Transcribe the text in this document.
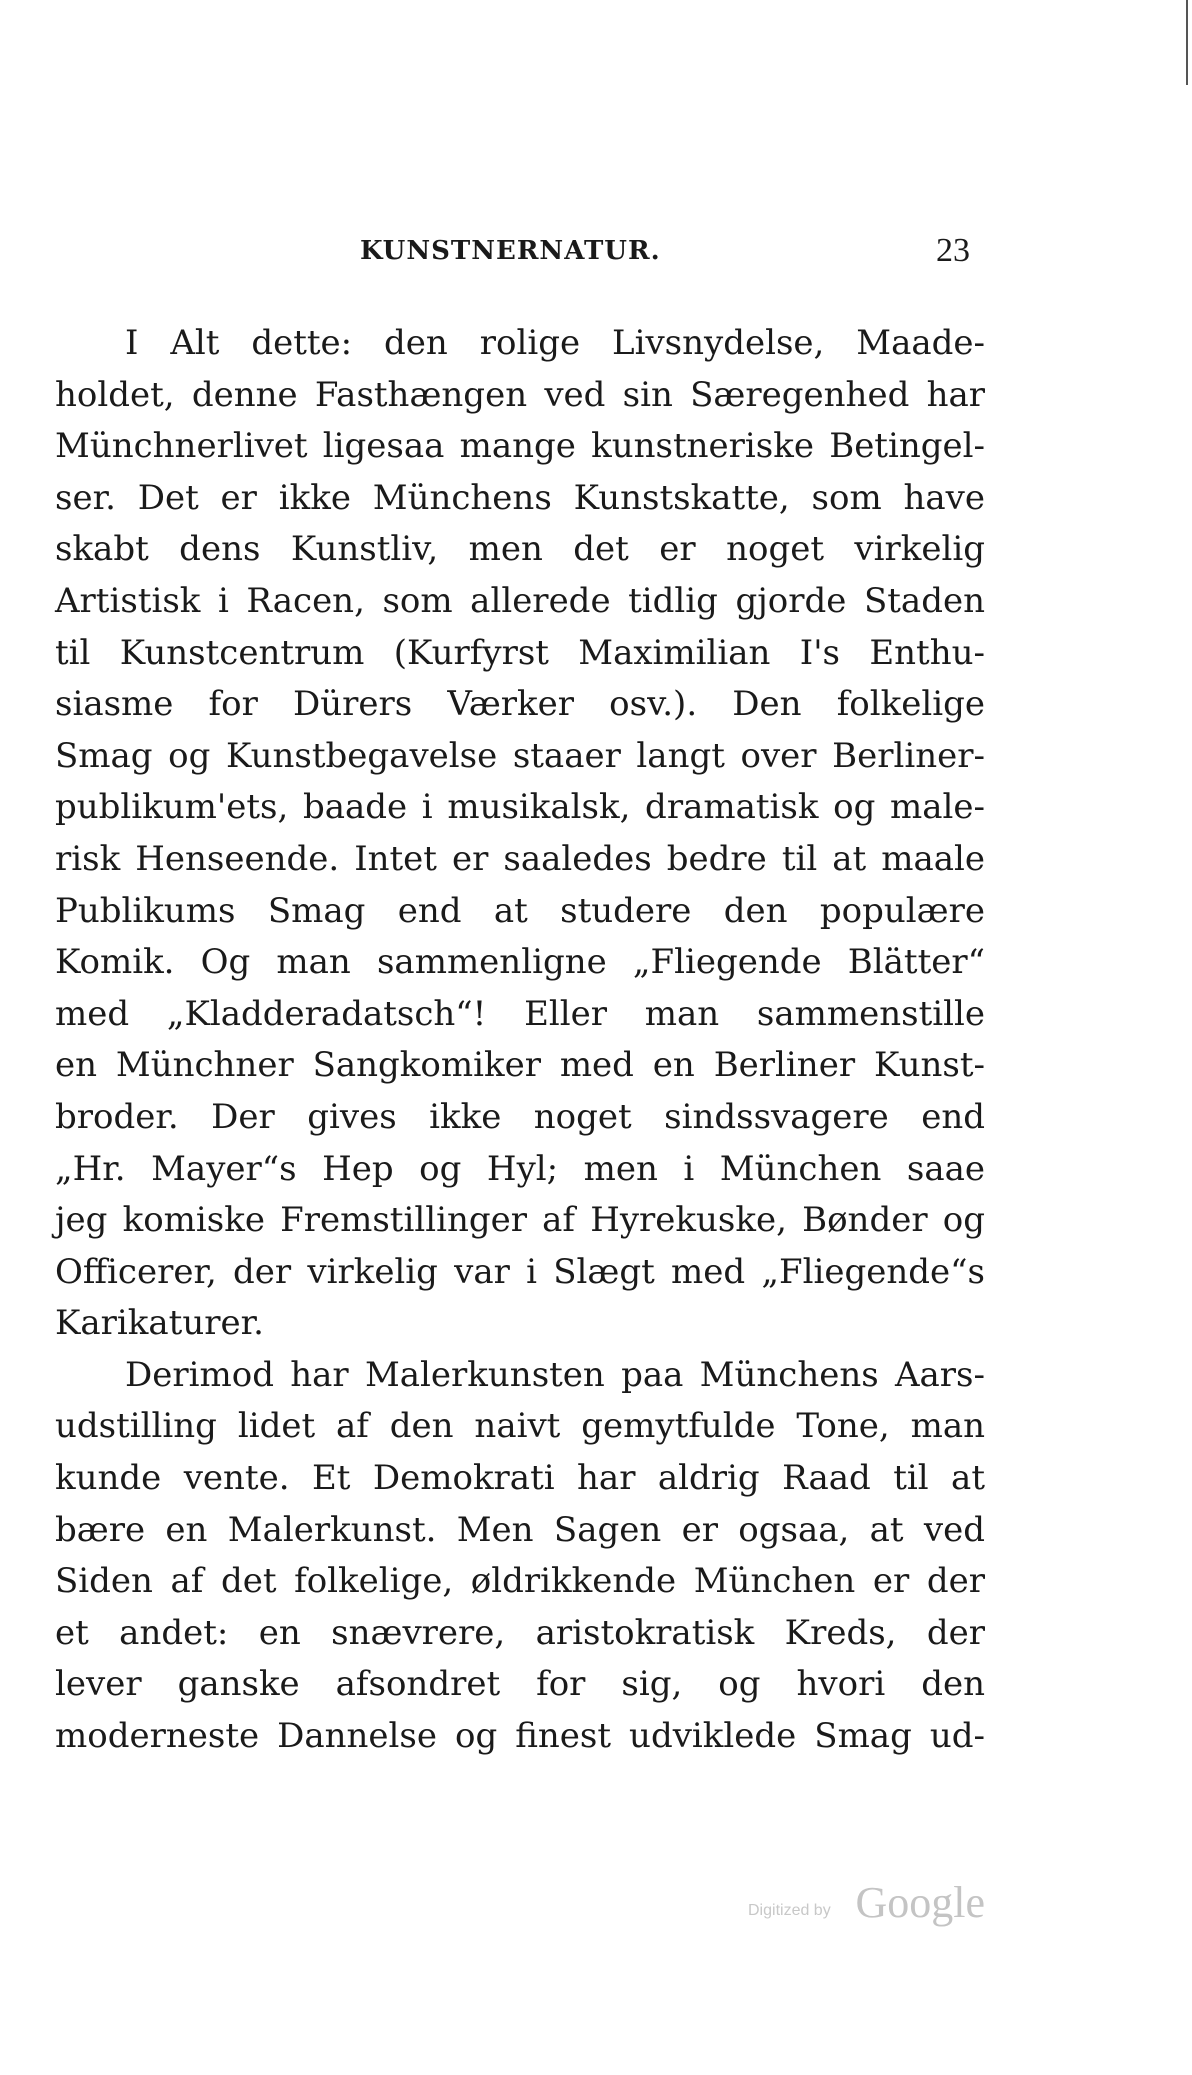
KUNSTNERNATUR.	23
I Alt dette: den rolige Livsnydelse, Maade-
holdet, denne Fasthængen ved sin Særegenhed har
Münchnerlivet ligesaa mange kunstneriske Betingel-
ser. Det er ikke Münchens Kunstskatte, som have
skabt dens Kunstliv, men det er noget virkelig
Artistisk i Racen, som allerede tidlig gjorde Staden
til Kunstcentrum (Kurfyrst Maximilian I's Enthu-
siasme for Dürers Værker osv.). Den folkelige
Smag og Kunstbegavelse staaer langt over Berliner-
publikum'ets, baade i musikalsk, dramatisk og male-
risk Henseende. Intet er saaledes bedre til at maale
Publikums Smag end at studere den populære
Komik. Og man sammenligne „Fliegende Blätter“
med „Kladderadatsch“! Eller man sammenstille
en Münchner Sangkomiker med en Berliner Kunst-
broder. Der gives ikke noget sindssvagere end
„Hr. Mayer“s Hep og Hyl; men i München saae
jeg komiske Fremstillinger af Hyrekuske, Bønder og
Officerer, der virkelig var i Slægt med „Fliegende“s
Karikaturer.
Derimod har Malerkunsten paa Münchens Aars-
udstilling lidet af den naivt gemytfulde Tone, man
kunde vente. Et Demokrati har aldrig Raad til at
bære en Malerkunst. Men Sagen er ogsaa, at ved
Siden af det folkelige, øldrikkende München er der
et andet: en snævrere, aristokratisk Kreds, der
lever ganske afsondret for sig, og hvori den
moderneste Dannelse og finest udviklede Smag ud-
Digitized by Google
